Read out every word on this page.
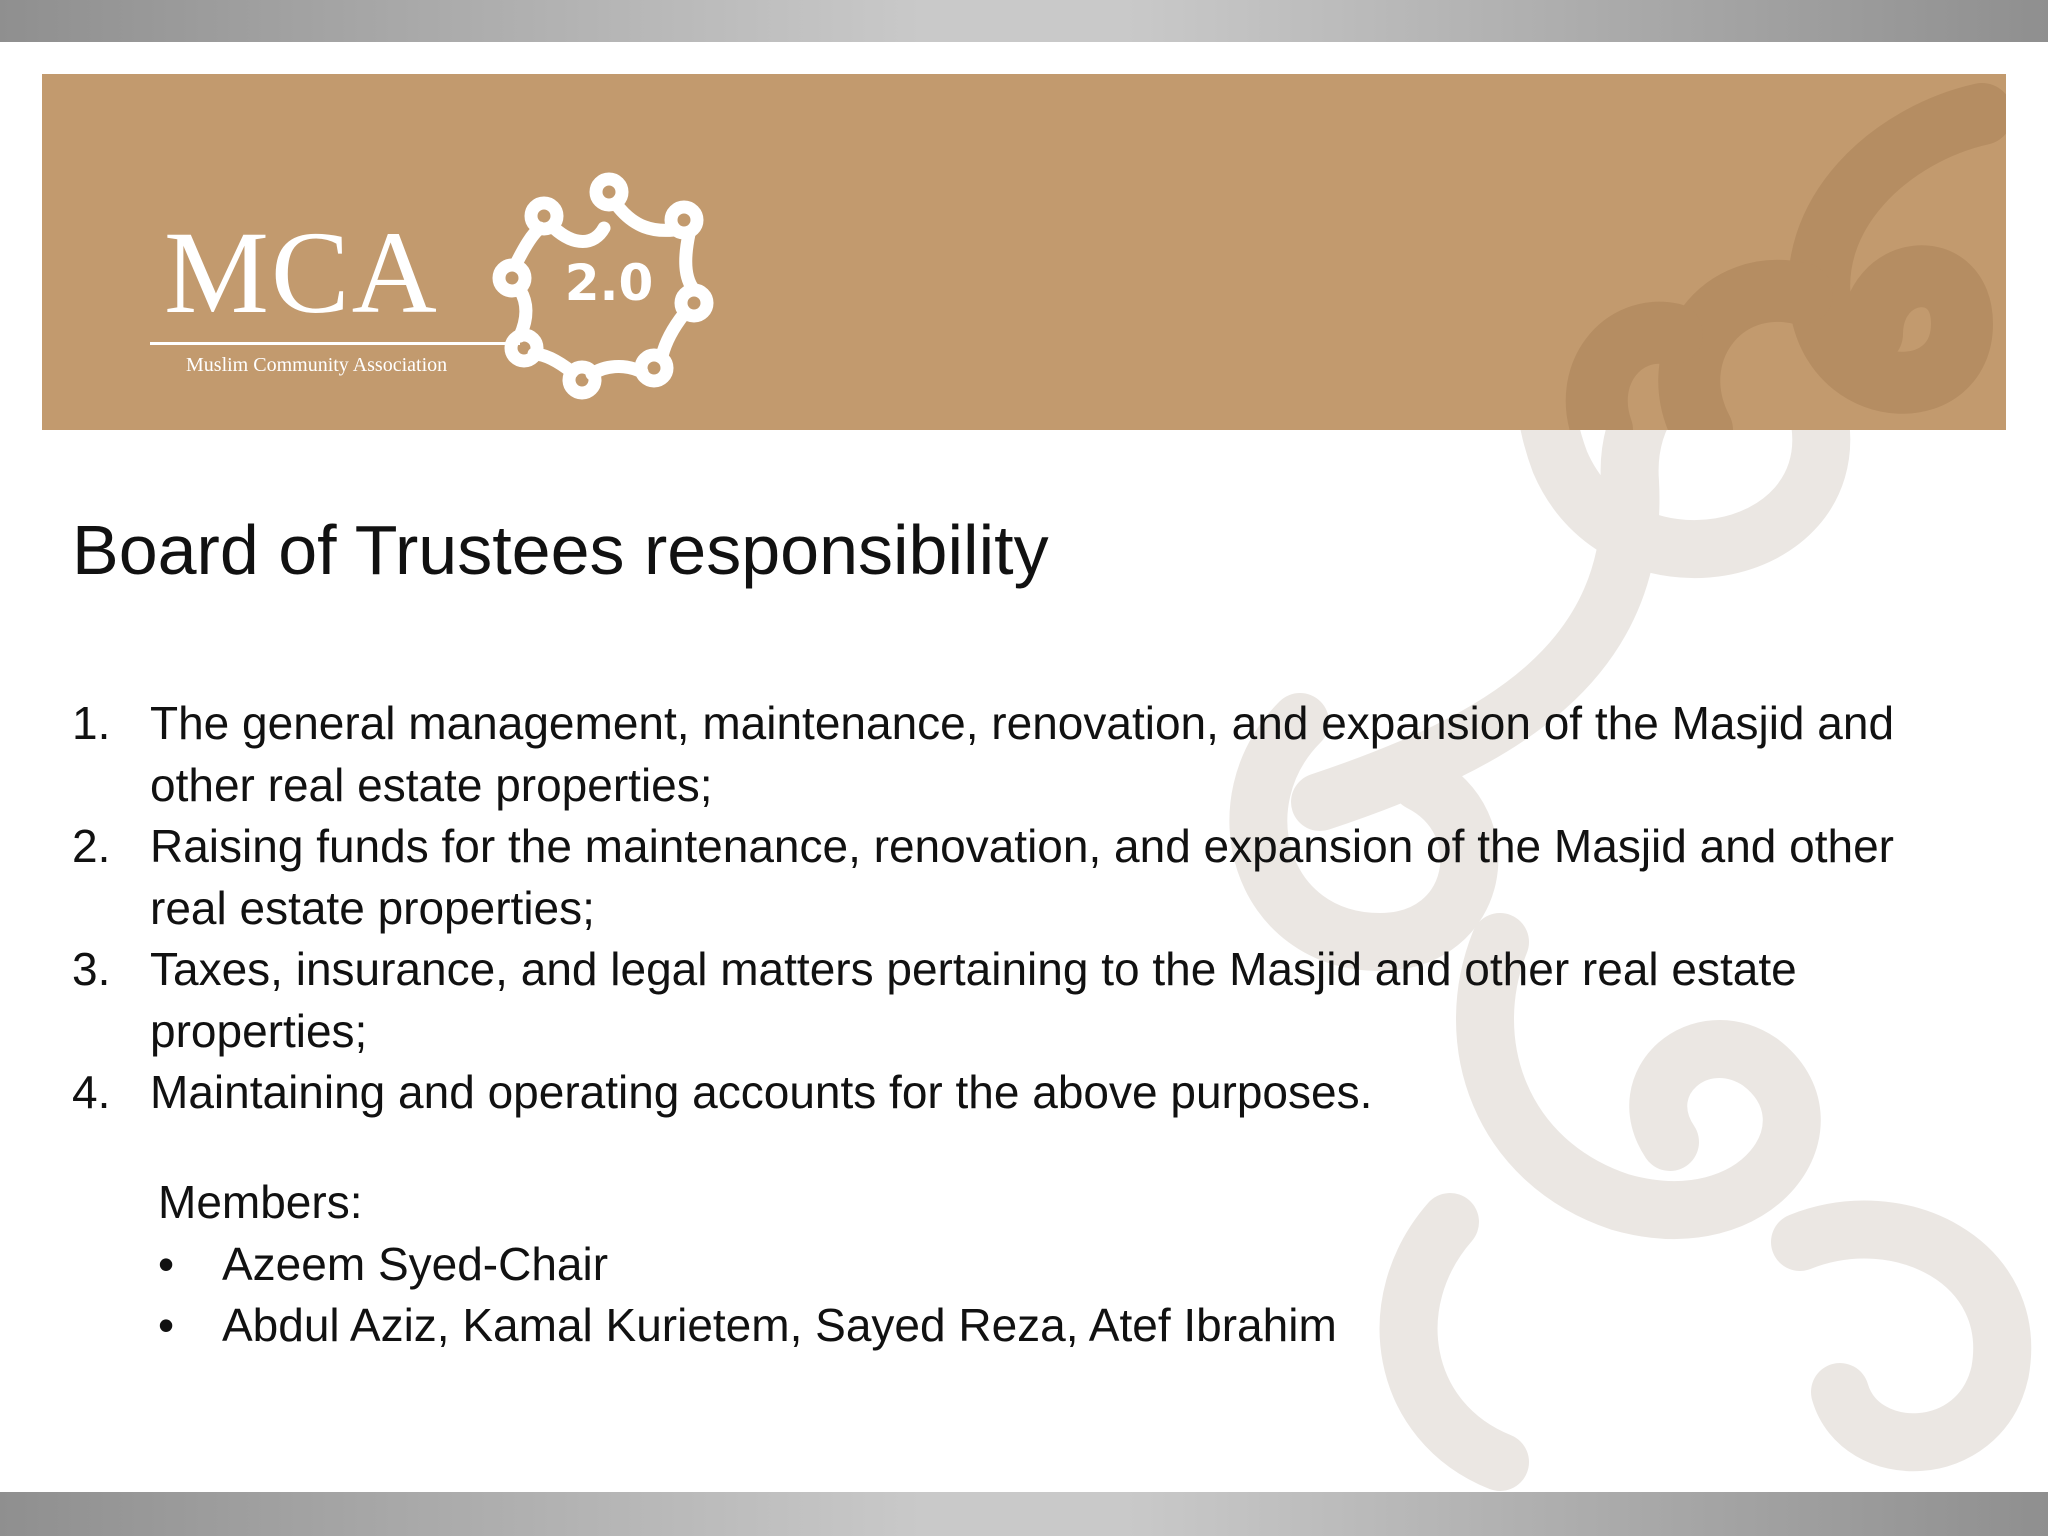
MCA
Muslim Community Association
2.0
Board of Trustees responsibility
1. The general management, maintenance, renovation, and expansion of the Masjid and other real estate properties;
2. Raising funds for the maintenance, renovation, and expansion of the Masjid and other real estate properties;
3. Taxes, insurance, and legal matters pertaining to the Masjid and other real estate properties;
4. Maintaining and operating accounts for the above purposes.
Members:
• Azeem Syed-Chair
• Abdul Aziz, Kamal Kurietem, Sayed Reza, Atef Ibrahim
